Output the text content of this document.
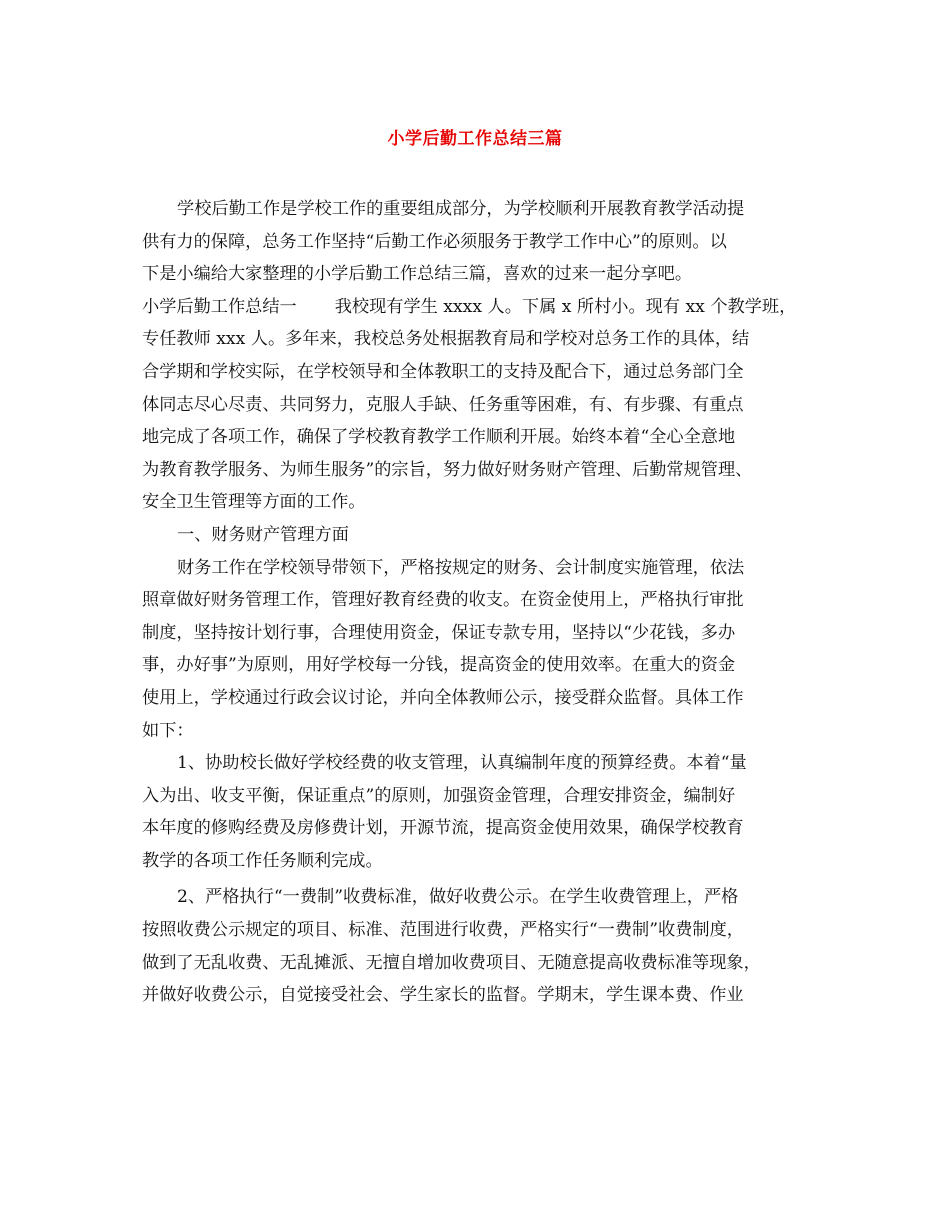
小学后勤工作总结三篇
学校后勤工作是学校工作的重要组成部分，为学校顺利开展教育教学活动提
供有力的保障，总务工作坚持“后勤工作必须服务于教学工作中心”的原则。以
下是小编给大家整理的小学后勤工作总结三篇，喜欢的过来一起分享吧。
小学后勤工作总结一 我校现有学生 xxxx 人。下属 x 所村小。现有 xx 个教学班，
专任教师 xxx 人。多年来，我校总务处根据教育局和学校对总务工作的具体，结
合学期和学校实际，在学校领导和全体教职工的支持及配合下，通过总务部门全
体同志尽心尽责、共同努力，克服人手缺、任务重等困难，有、有步骤、有重点
地完成了各项工作，确保了学校教育教学工作顺利开展。始终本着“全心全意地
为教育教学服务、为师生服务”的宗旨，努力做好财务财产管理、后勤常规管理、
安全卫生管理等方面的工作。
一、财务财产管理方面
财务工作在学校领导带领下，严格按规定的财务、会计制度实施管理，依法
照章做好财务管理工作，管理好教育经费的收支。在资金使用上，严格执行审批
制度，坚持按计划行事，合理使用资金，保证专款专用，坚持以“少花钱，多办
事，办好事”为原则，用好学校每一分钱，提高资金的使用效率。在重大的资金
使用上，学校通过行政会议讨论，并向全体教师公示，接受群众监督。具体工作
如下：
1、协助校长做好学校经费的收支管理，认真编制年度的预算经费。本着“量
入为出、收支平衡，保证重点”的原则，加强资金管理，合理安排资金，编制好
本年度的修购经费及房修费计划，开源节流，提高资金使用效果，确保学校教育
教学的各项工作任务顺利完成。
2、严格执行“一费制”收费标准，做好收费公示。在学生收费管理上，严格
按照收费公示规定的项目、标准、范围进行收费，严格实行“一费制”收费制度，
做到了无乱收费、无乱摊派、无擅自增加收费项目、无随意提高收费标准等现象，
并做好收费公示，自觉接受社会、学生家长的监督。学期末，学生课本费、作业
